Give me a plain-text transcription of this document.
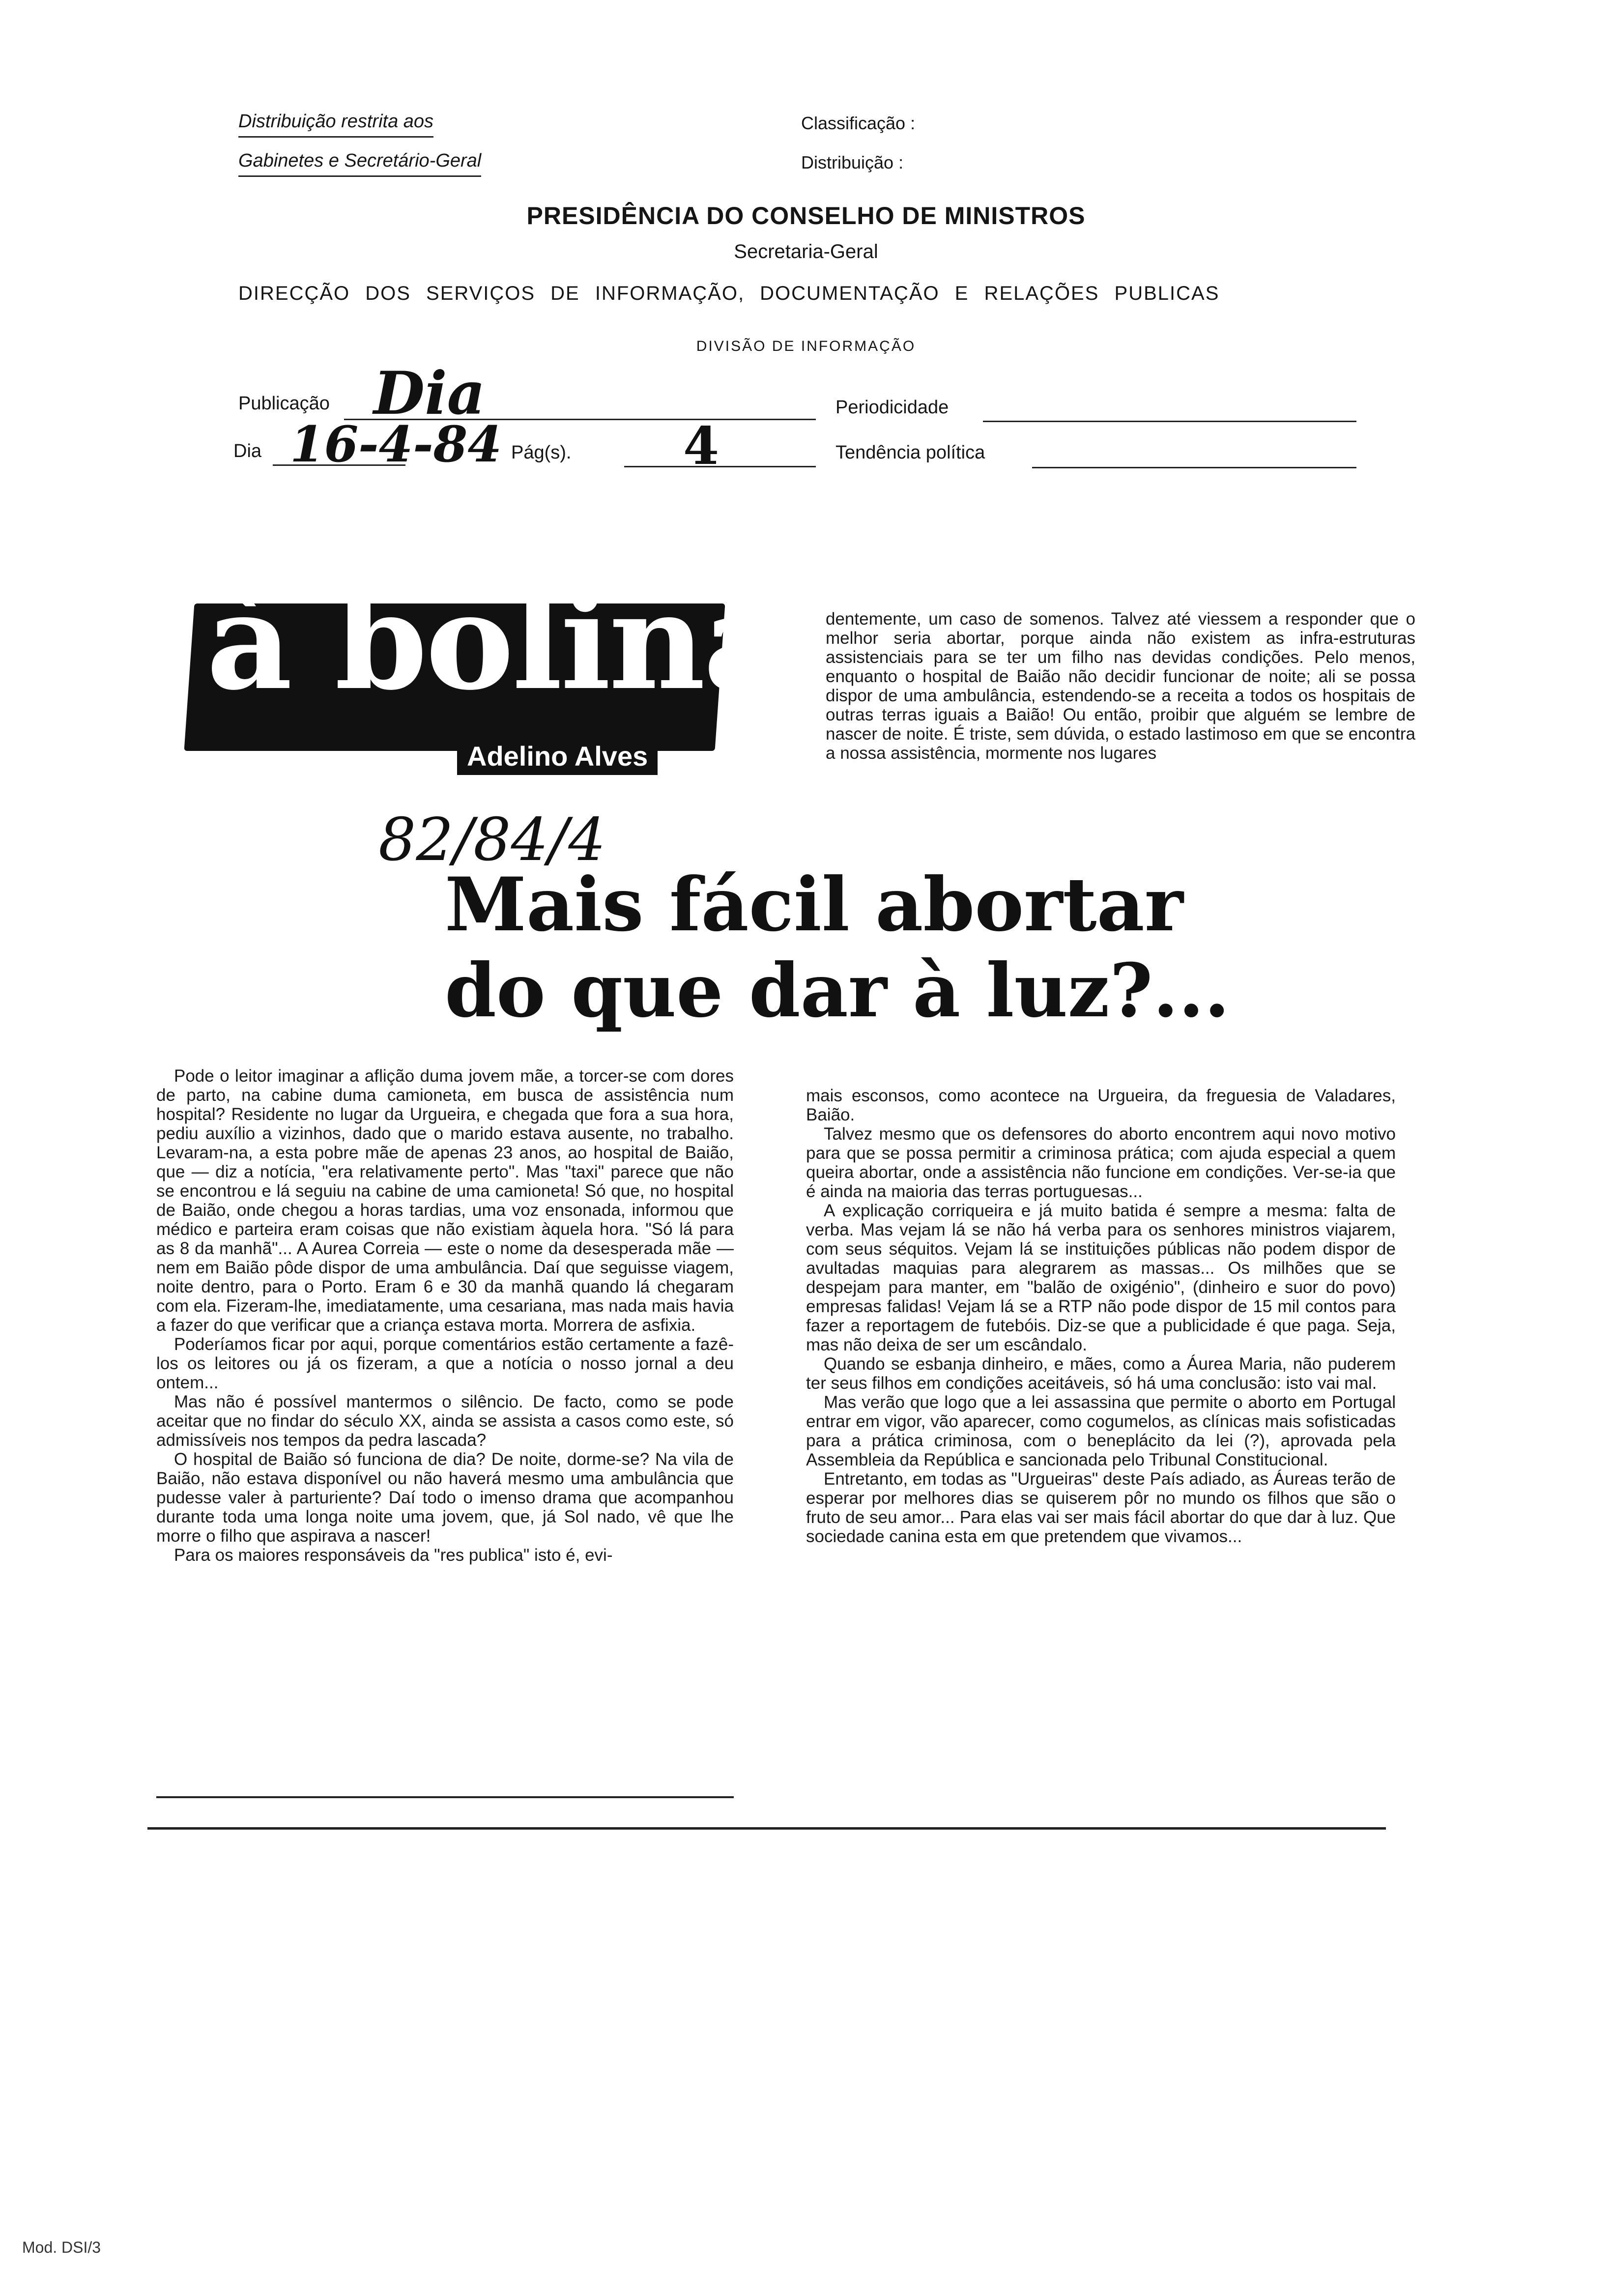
Distribuição restrita aos
Gabinetes e Secretário-Geral
Classificação :
Distribuição :
PRESIDÊNCIA DO CONSELHO DE MINISTROS
Secretaria-Geral
DIRECÇÃO DOS SERVIÇOS DE INFORMAÇÃO, DOCUMENTAÇÃO E RELAÇÕES PUBLICAS
DIVISÃO DE INFORMAÇÃO
Publicação Dia	Periodicidade
Dia 16-4-84 Pág(s). 4	Tendência política
à bolina
Adelino Alves
82/84/4

dentemente, um caso de somenos. Talvez até viessem a responder que o melhor seria abortar, porque ainda não existem as infra-estruturas assistenciais para se ter um filho nas devidas condições. Pelo menos, enquanto o hospital de Baião não decidir funcionar de noite; ali se possa dispor de uma ambulância, estendendo-se a receita a todos os hospitais de outras terras iguais a Baião! Ou então, proibir que alguém se lembre de nascer de noite. É triste, sem dúvida, o estado lastimoso em que se encontra a nossa assistência, mormente nos lugares

Mais fácil abortar
do que dar à luz?...

Pode o leitor imaginar a aflição duma jovem mãe, a torcer-se com dores de parto, na cabine duma camioneta, em busca de assistência num hospital? Residente no lugar da Urgueira, e chegada que fora a sua hora, pediu auxílio a vizinhos, dado que o marido estava ausente, no trabalho. Levaram-na, a esta pobre mãe de apenas 23 anos, ao hospital de Baião, que — diz a notícia, "era relativamente perto". Mas "taxi" parece que não se encontrou e lá seguiu na cabine de uma camioneta! Só que, no hospital de Baião, onde chegou a horas tardias, uma voz ensonada, informou que médico e parteira eram coisas que não existiam àquela hora. "Só lá para as 8 da manhã"... A Aurea Correia — este o nome da desesperada mãe — nem em Baião pôde dispor de uma ambulância. Daí que seguisse viagem, noite dentro, para o Porto. Eram 6 e 30 da manhã quando lá chegaram com ela. Fizeram-lhe, imediatamente, uma cesariana, mas nada mais havia a fazer do que verificar que a criança estava morta. Morrera de asfixia.

Poderíamos ficar por aqui, porque comentários estão certamente a fazê-los os leitores ou já os fizeram, a que a notícia o nosso jornal a deu ontem...

Mas não é possível mantermos o silêncio. De facto, como se pode aceitar que no findar do século XX, ainda se assista a casos como este, só admissíveis nos tempos da pedra lascada?

O hospital de Baião só funciona de dia? De noite, dorme-se? Na vila de Baião, não estava disponível ou não haverá mesmo uma ambulância que pudesse valer à parturiente? Daí todo o imenso drama que acompanhou durante toda uma longa noite uma jovem, que, já Sol nado, vê que lhe morre o filho que aspirava a nascer!

Para os maiores responsáveis da "res publica" isto é, evi-

mais esconsos, como acontece na Urgueira, da freguesia de Valadares, Baião.

Talvez mesmo que os defensores do aborto encontrem aqui novo motivo para que se possa permitir a criminosa prática; com ajuda especial a quem queira abortar, onde a assistência não funcione em condições. Ver-se-ia que é ainda na maioria das terras portuguesas...

A explicação corriqueira e já muito batida é sempre a mesma: falta de verba. Mas vejam lá se não há verba para os senhores ministros viajarem, com seus séquitos. Vejam lá se instituições públicas não podem dispor de avultadas maquias para alegrarem as massas... Os milhões que se despejam para manter, em "balão de oxigénio", (dinheiro e suor do povo) empresas falidas! Vejam lá se a RTP não pode dispor de 15 mil contos para fazer a reportagem de futebóis. Diz-se que a publicidade é que paga. Seja, mas não deixa de ser um escândalo.

Quando se esbanja dinheiro, e mães, como a Áurea Maria, não puderem ter seus filhos em condições aceitáveis, só há uma conclusão: isto vai mal.

Mas verão que logo que a lei assassina que permite o aborto em Portugal entrar em vigor, vão aparecer, como cogumelos, as clínicas mais sofisticadas para a prática criminosa, com o beneplácito da lei (?), aprovada pela Assembleia da República e sancionada pelo Tribunal Constitucional.

Entretanto, em todas as "Urgueiras" deste País adiado, as Áureas terão de esperar por melhores dias se quiserem pôr no mundo os filhos que são o fruto de seu amor... Para elas vai ser mais fácil abortar do que dar à luz. Que sociedade canina esta em que pretendem que vivamos...

Mod. DSI/3
